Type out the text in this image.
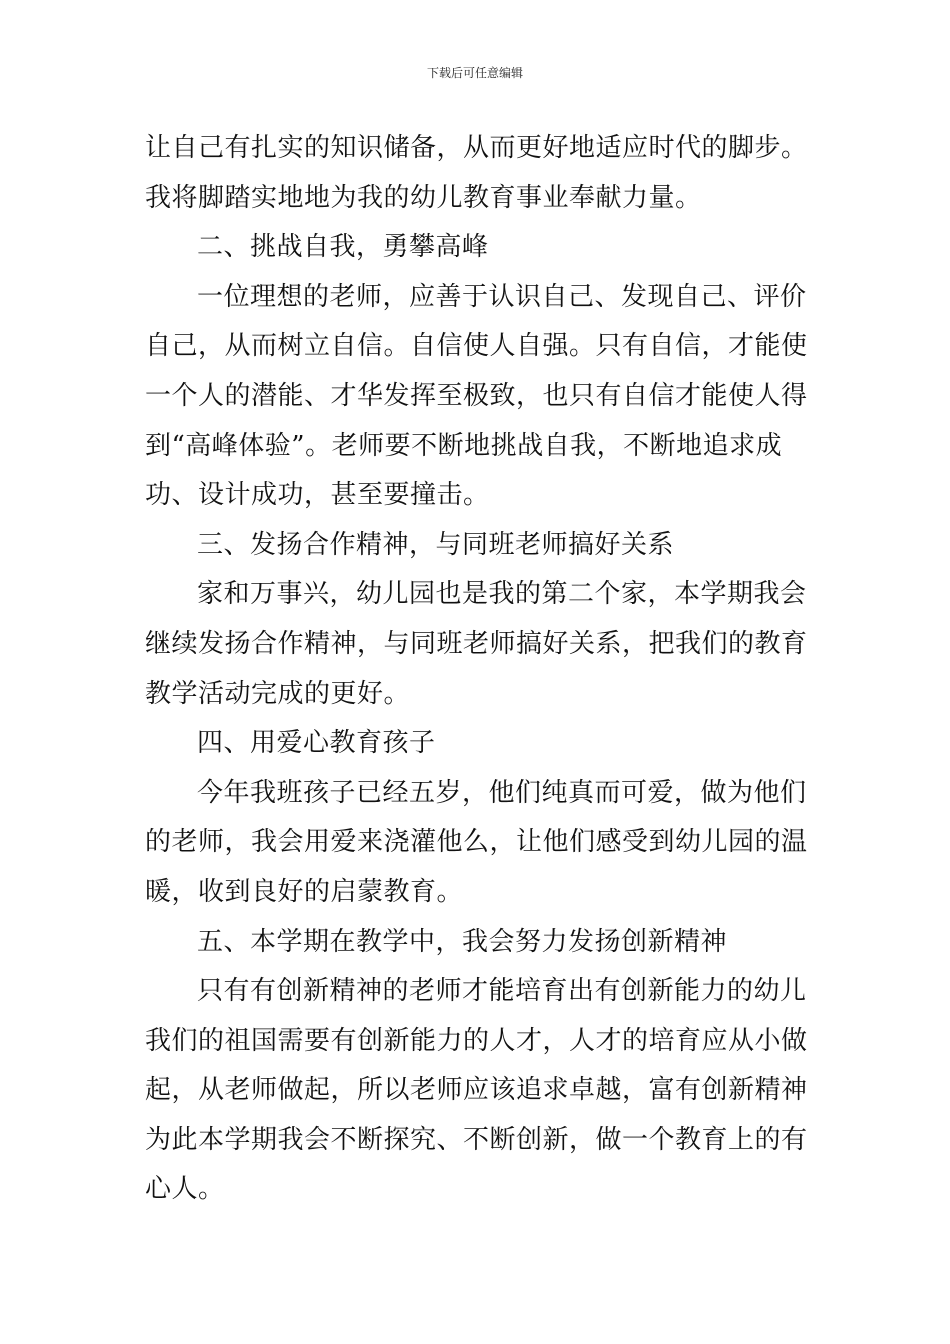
下载后可任意编辑
让自己有扎实的知识储备，从而更好地适应时代的脚步。
我将脚踏实地地为我的幼儿教育事业奉献力量。
二、挑战自我，勇攀高峰
一位理想的老师，应善于认识自己、发现自己、评价
自己，从而树立自信。自信使人自强。只有自信，才能使
一个人的潜能、才华发挥至极致，也只有自信才能使人得
到“高峰体验”。老师要不断地挑战自我，不断地追求成
功、设计成功，甚至要撞击。
三、发扬合作精神，与同班老师搞好关系
家和万事兴，幼儿园也是我的第二个家，本学期我会
继续发扬合作精神，与同班老师搞好关系，把我们的教育
教学活动完成的更好。
四、用爱心教育孩子
今年我班孩子已经五岁，他们纯真而可爱，做为他们
的老师，我会用爱来浇灌他么，让他们感受到幼儿园的温
暖，收到良好的启蒙教育。
五、本学期在教学中，我会努力发扬创新精神
只有有创新精神的老师才能培育出有创新能力的幼儿
我们的祖国需要有创新能力的人才，人才的培育应从小做
起，从老师做起，所以老师应该追求卓越，富有创新精神
为此本学期我会不断探究、不断创新，做一个教育上的有
心人。
